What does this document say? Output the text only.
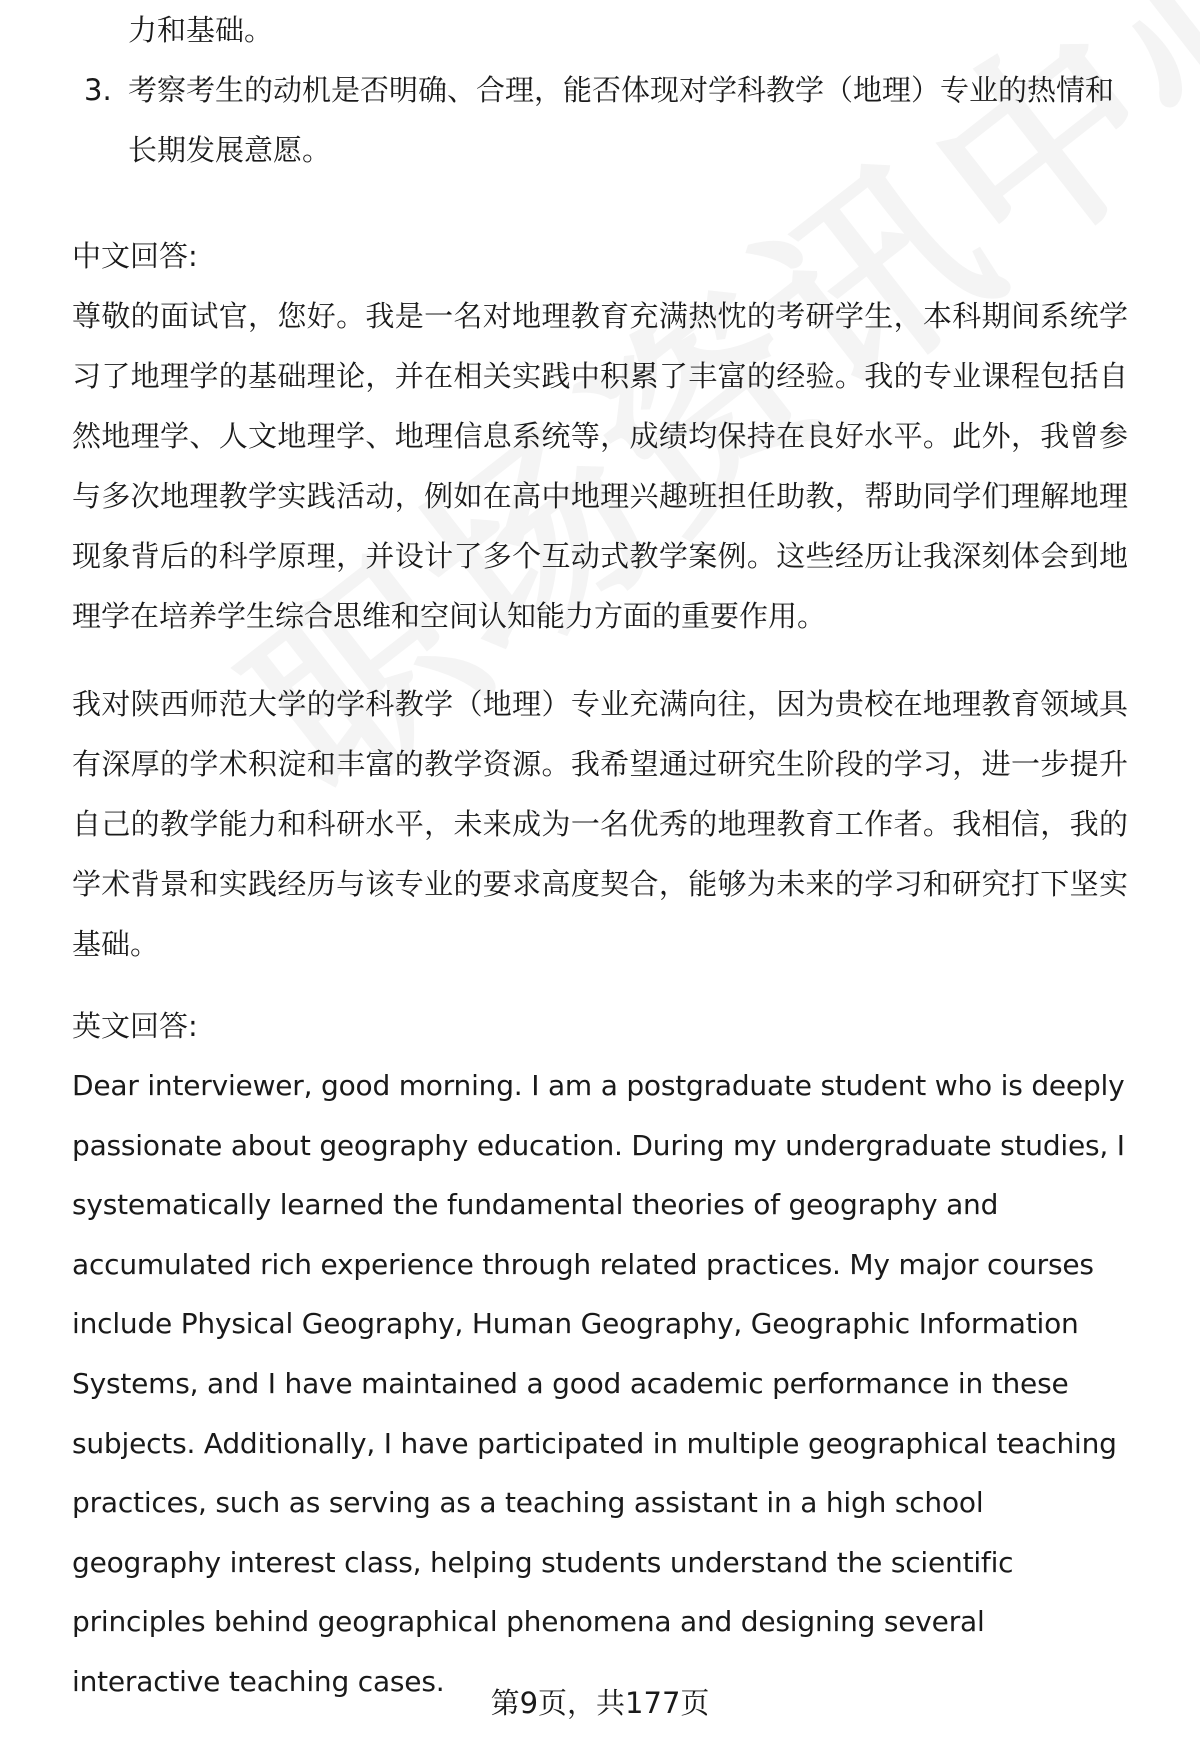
力和基础。
3. 考察考生的动机是否明确、合理，能否体现对学科教学（地理）专业的热情和长期发展意愿。
中文回答:

尊敬的面试官，您好。我是一名对地理教育充满热忱的考研学生，本科期间系统学习了地理学的基础理论，并在相关实践中积累了丰富的经验。我的专业课程包括自然地理学、人文地理学、地理信息系统等，成绩均保持在良好水平。此外，我曾参与多次地理教学实践活动，例如在高中地理兴趣班担任助教，帮助同学们理解地理现象背后的科学原理，并设计了多个互动式教学案例。这些经历让我深刻体会到地理学在培养学生综合思维和空间认知能力方面的重要作用。

我对陕西师范大学的学科教学（地理）专业充满向往，因为贵校在地理教育领域具有深厚的学术积淀和丰富的教学资源。我希望通过研究生阶段的学习，进一步提升自己的教学能力和科研水平，未来成为一名优秀的地理教育工作者。我相信，我的学术背景和实践经历与该专业的要求高度契合，能够为未来的学习和研究打下坚实基础。

英文回答:

Dear interviewer, good morning. I am a postgraduate student who is deeply passionate about geography education. During my undergraduate studies, I systematically learned the fundamental theories of geography and accumulated rich experience through related practices. My major courses include Physical Geography, Human Geography, Geographic Information Systems, and I have maintained a good academic performance in these subjects. Additionally, I have participated in multiple geographical teaching practices, such as serving as a teaching assistant in a high school geography interest class, helping students understand the scientific principles behind geographical phenomena and designing several interactive teaching cases.

第9页，共177页
